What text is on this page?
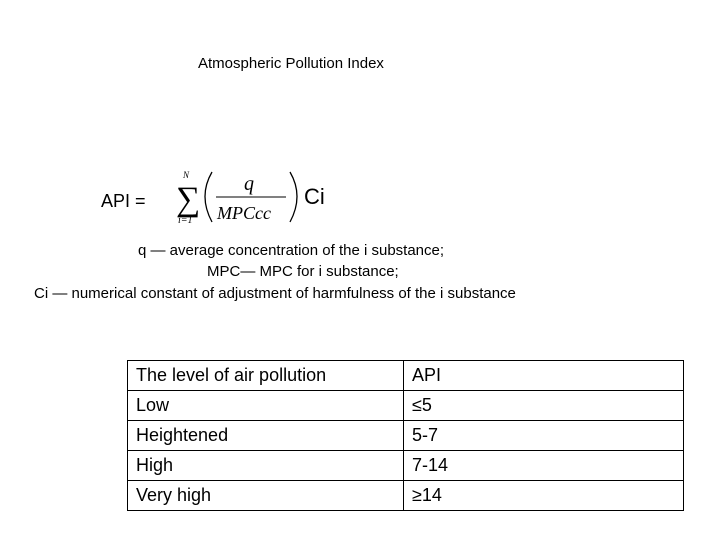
Atmospheric Pollution Index
API =
N
∑
i=1
q
MPCcc
Ci
q — average concentration of the i substance;
MPC— MPC for i substance;
Ci — numerical constant of adjustment of harmfulness of the i substance
The level of air pollution	API
Low	≤5
Heightened	5-7
High	7-14
Very high	≥14
